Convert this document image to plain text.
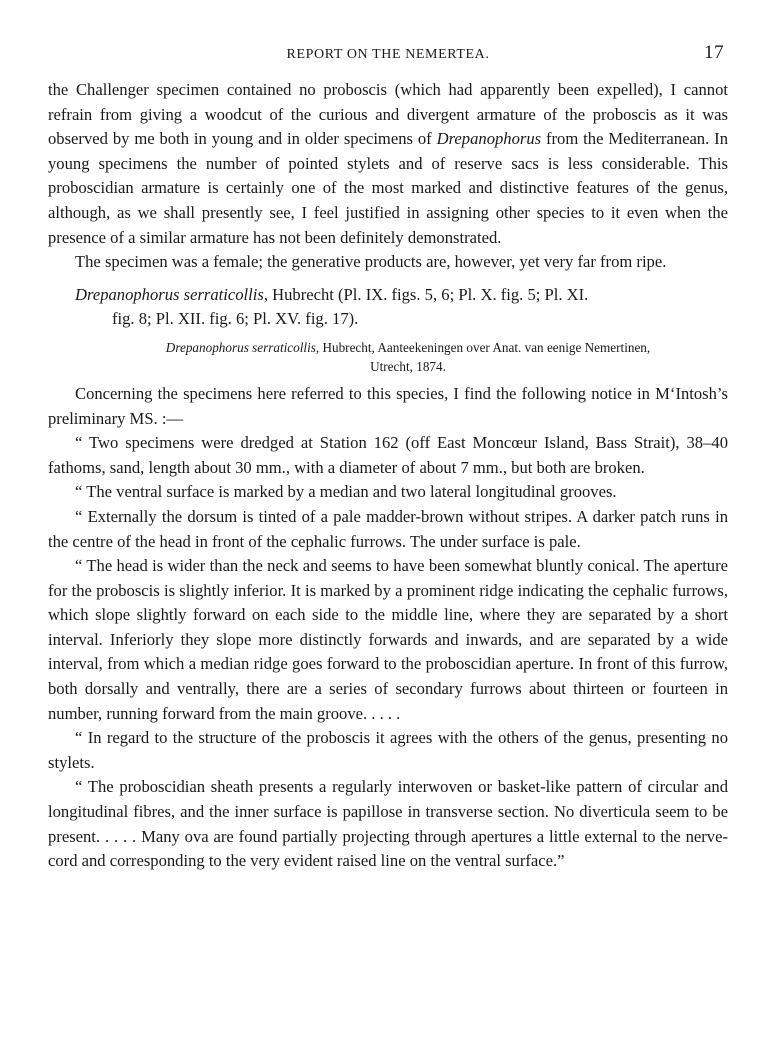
REPORT ON THE NEMERTEA.	17

the Challenger specimen contained no proboscis (which had apparently been expelled), I cannot refrain from giving a woodcut of the curious and divergent armature of the proboscis as it was observed by me both in young and in older specimens of Drepanophorus from the Mediterranean. In young specimens the number of pointed stylets and of reserve sacs is less considerable. This proboscidian armature is certainly one of the most marked and distinctive features of the genus, although, as we shall presently see, I feel justified in assigning other species to it even when the presence of a similar armature has not been definitely demonstrated.

The specimen was a female; the generative products are, however, yet very far from ripe.

Drepanophorus serraticollis, Hubrecht (Pl. IX. figs. 5, 6; Pl. X. fig. 5; Pl. XI.
fig. 8; Pl. XII. fig. 6; Pl. XV. fig. 17).

Drepanophorus serraticollis, Hubrecht, Aanteekeningen over Anat. van eenige Nemertinen,
Utrecht, 1874.

Concerning the specimens here referred to this species, I find the following notice in M‘Intosh’s preliminary MS. :—

“ Two specimens were dredged at Station 162 (off East Moncœur Island, Bass Strait), 38–40 fathoms, sand, length about 30 mm., with a diameter of about 7 mm., but both are broken.

“ The ventral surface is marked by a median and two lateral longitudinal grooves.

“ Externally the dorsum is tinted of a pale madder-brown without stripes. A darker patch runs in the centre of the head in front of the cephalic furrows. The under surface is pale.

“ The head is wider than the neck and seems to have been somewhat bluntly conical. The aperture for the proboscis is slightly inferior. It is marked by a prominent ridge indicating the cephalic furrows, which slope slightly forward on each side to the middle line, where they are separated by a short interval. Inferiorly they slope more distinctly forwards and inwards, and are separated by a wide interval, from which a median ridge goes forward to the proboscidian aperture. In front of this furrow, both dorsally and ventrally, there are a series of secondary furrows about thirteen or fourteen in number, running forward from the main groove. . . . .

“ In regard to the structure of the proboscis it agrees with the others of the genus, presenting no stylets.

“ The proboscidian sheath presents a regularly interwoven or basket-like pattern of circular and longitudinal fibres, and the inner surface is papillose in transverse section. No diverticula seem to be present. . . . . Many ova are found partially projecting through apertures a little external to the nerve-cord and corresponding to the very evident raised line on the ventral surface.”
